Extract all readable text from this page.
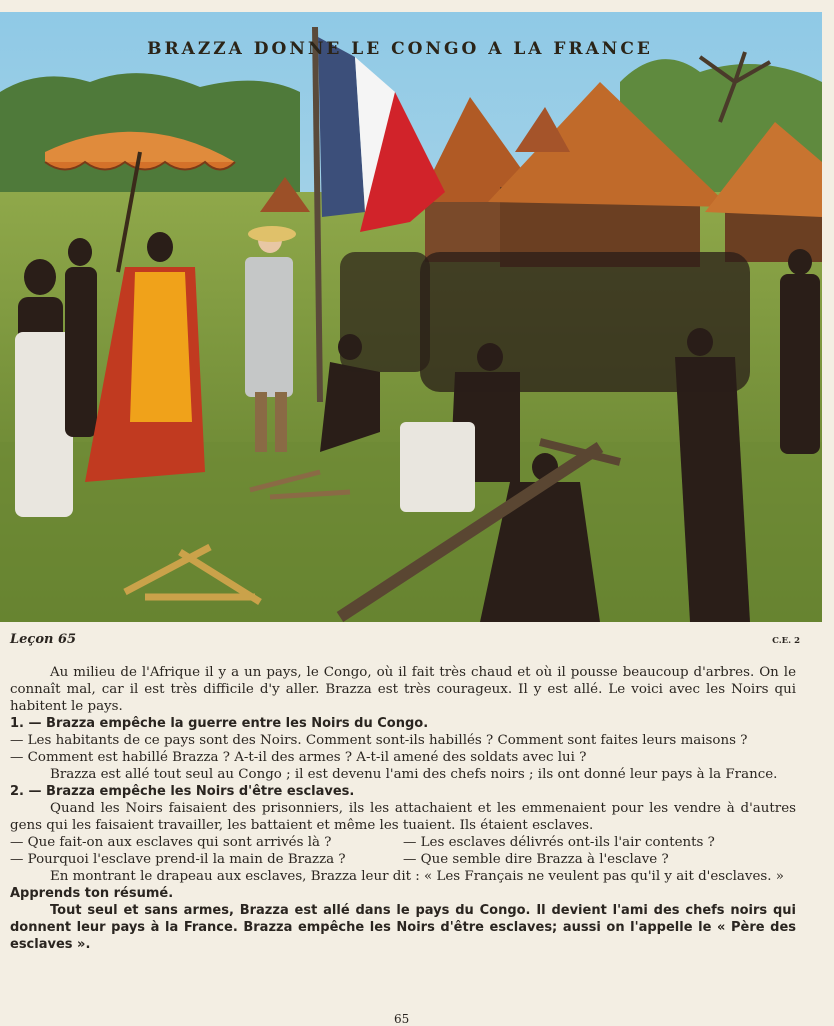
BRAZZA DONNE LE CONGO A LA FRANCE
Leçon 65	C.E. 2

Au milieu de l'Afrique il y a un pays, le Congo, où il fait très chaud et où il pousse beaucoup d'arbres. On le connaît mal, car il est très difficile d'y aller. Brazza est très courageux. Il y est allé. Le voici avec les Noirs qui habitent le pays.

1. — Brazza empêche la guerre entre les Noirs du Congo.

— Les habitants de ce pays sont des Noirs. Comment sont-ils habillés ? Comment sont faites leurs maisons ?

— Comment est habillé Brazza ? A-t-il des armes ? A-t-il amené des soldats avec lui ?

Brazza est allé tout seul au Congo ; il est devenu l'ami des chefs noirs ; ils ont donné leur pays à la France.

2. — Brazza empêche les Noirs d'être esclaves.

Quand les Noirs faisaient des prisonniers, ils les attachaient et les emmenaient pour les vendre à d'autres gens qui les faisaient travailler, les battaient et même les tuaient. Ils étaient esclaves.

— Que fait-on aux esclaves qui sont arrivés là ?	— Les esclaves délivrés ont-ils l'air contents ?
— Pourquoi l'esclave prend-il la main de Brazza ?	— Que semble dire Brazza à l'esclave ?

En montrant le drapeau aux esclaves, Brazza leur dit : « Les Français ne veulent pas qu'il y ait d'esclaves. »

Apprends ton résumé.

Tout seul et sans armes, Brazza est allé dans le pays du Congo. Il devient l'ami des chefs noirs qui donnent leur pays à la France. Brazza empêche les Noirs d'être esclaves; aussi on l'appelle le « Père des esclaves ».

65
